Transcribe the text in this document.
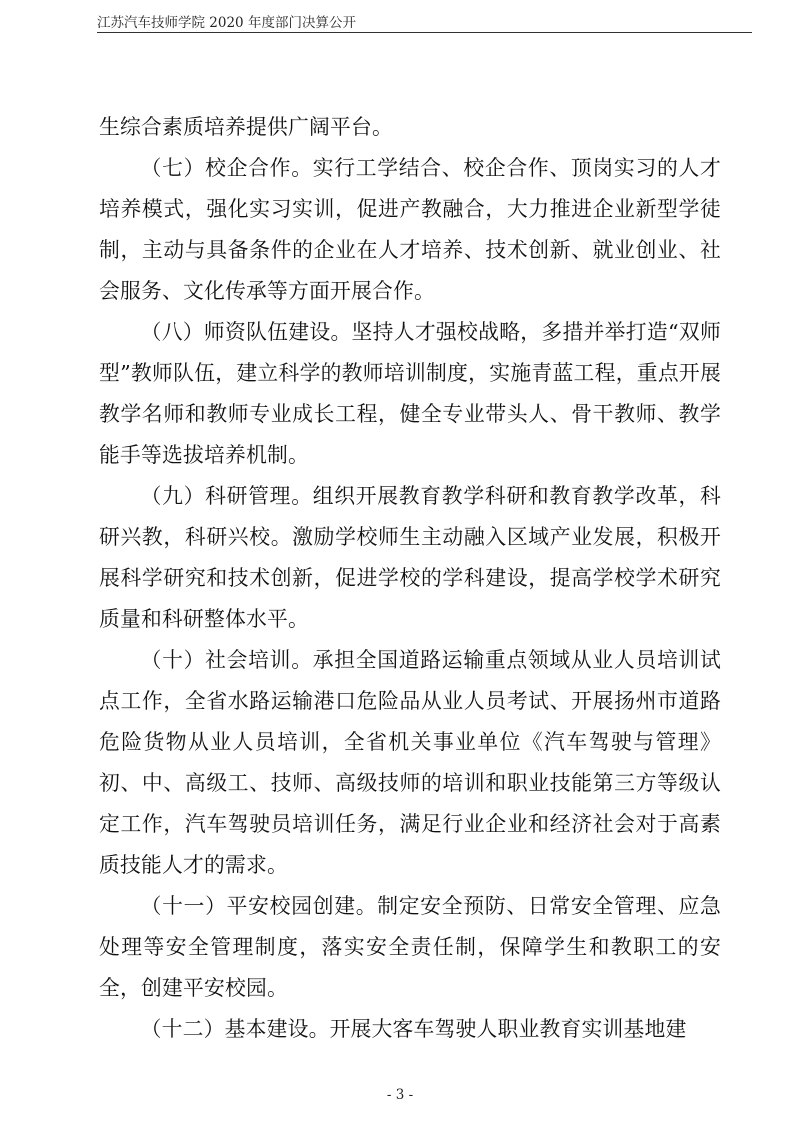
江苏汽车技师学院 2020 年度部门决算公开

生综合素质培养提供广阔平台。

（七）校企合作。实行工学结合、校企合作、顶岗实习的人才培养模式，强化实习实训，促进产教融合，大力推进企业新型学徒制，主动与具备条件的企业在人才培养、技术创新、就业创业、社会服务、文化传承等方面开展合作。

（八）师资队伍建设。坚持人才强校战略，多措并举打造“双师型”教师队伍，建立科学的教师培训制度，实施青蓝工程，重点开展教学名师和教师专业成长工程，健全专业带头人、骨干教师、教学能手等选拔培养机制。

（九）科研管理。组织开展教育教学科研和教育教学改革，科研兴教，科研兴校。激励学校师生主动融入区域产业发展，积极开展科学研究和技术创新，促进学校的学科建设，提高学校学术研究质量和科研整体水平。

（十）社会培训。承担全国道路运输重点领域从业人员培训试点工作，全省水路运输港口危险品从业人员考试、开展扬州市道路危险货物从业人员培训，全省机关事业单位《汽车驾驶与管理》初、中、高级工、技师、高级技师的培训和职业技能第三方等级认定工作，汽车驾驶员培训任务，满足行业企业和经济社会对于高素质技能人才的需求。

（十一）平安校园创建。制定安全预防、日常安全管理、应急处理等安全管理制度，落实安全责任制，保障学生和教职工的安全，创建平安校园。

（十二）基本建设。开展大客车驾驶人职业教育实训基地建

- 3 -
